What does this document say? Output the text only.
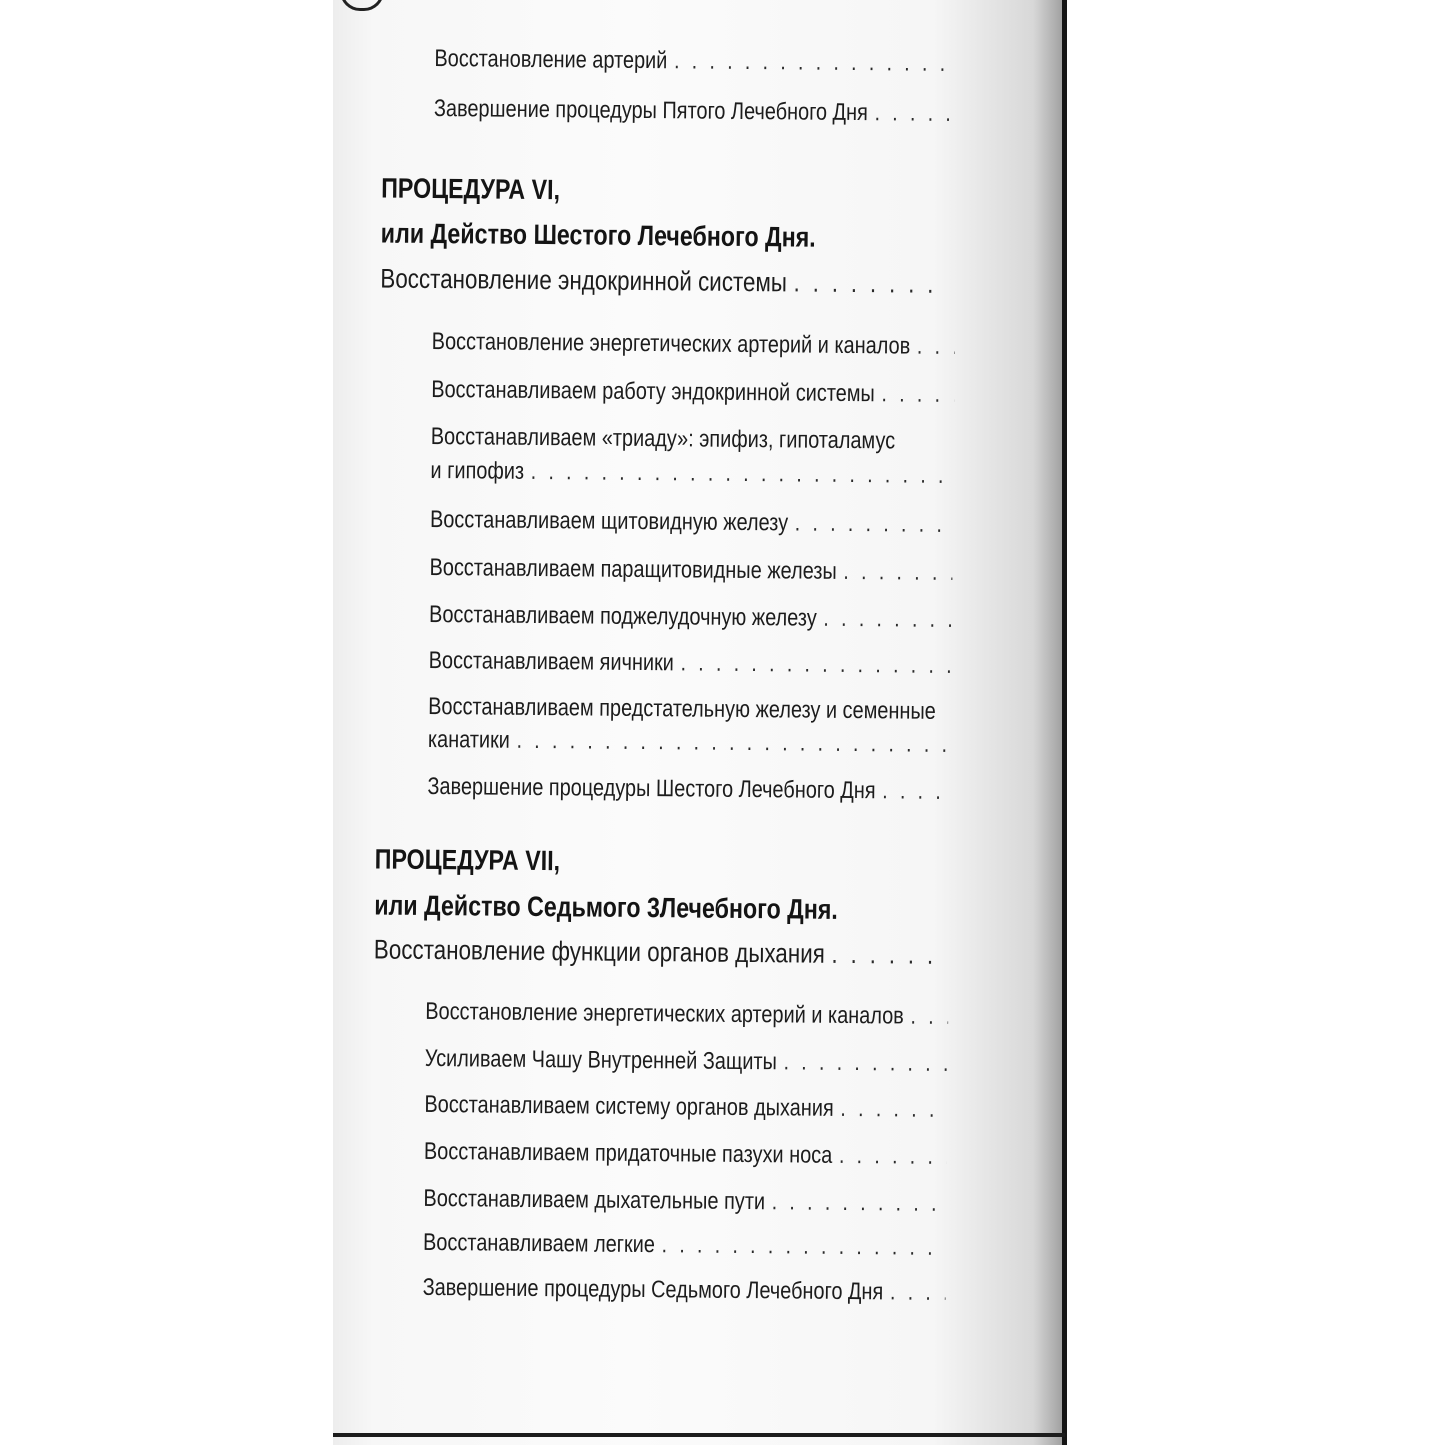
Восстановление артерий
. . .
Завершение процедуры Пятого Лечебного Дня
. . .
ПРОЦЕДУРА VI,
или Действо Шестого Лечебного Дня.
Восстановление эндокринной системы
. . .
Восстановление энергетических артерий и каналов
. . .
Восстанавливаем работу эндокринной системы
. . .
Восстанавливаем «триаду»: эпифиз, гипоталамус
и гипофиз
. . .
Восстанавливаем щитовидную железу
. . .
Восстанавливаем паращитовидные железы
. . .
Восстанавливаем поджелудочную железу
. . .
Восстанавливаем яичники
. . .
Восстанавливаем предстательную железу и семенные
канатики
. . .
Завершение процедуры Шестого Лечебного Дня
. . .
ПРОЦЕДУРА VII,
или Действо Седьмого 3Лечебного Дня.
Восстановление функции органов дыхания
. . .
Восстановление энергетических артерий и каналов
. . .
Усиливаем Чашу Внутренней Защиты
. . .
Восстанавливаем систему органов дыхания
. . .
Восстанавливаем придаточные пазухи носа
. . .
Восстанавливаем дыхательные пути
. . .
Восстанавливаем легкие
. . .
Завершение процедуры Седьмого Лечебного Дня
. . .
